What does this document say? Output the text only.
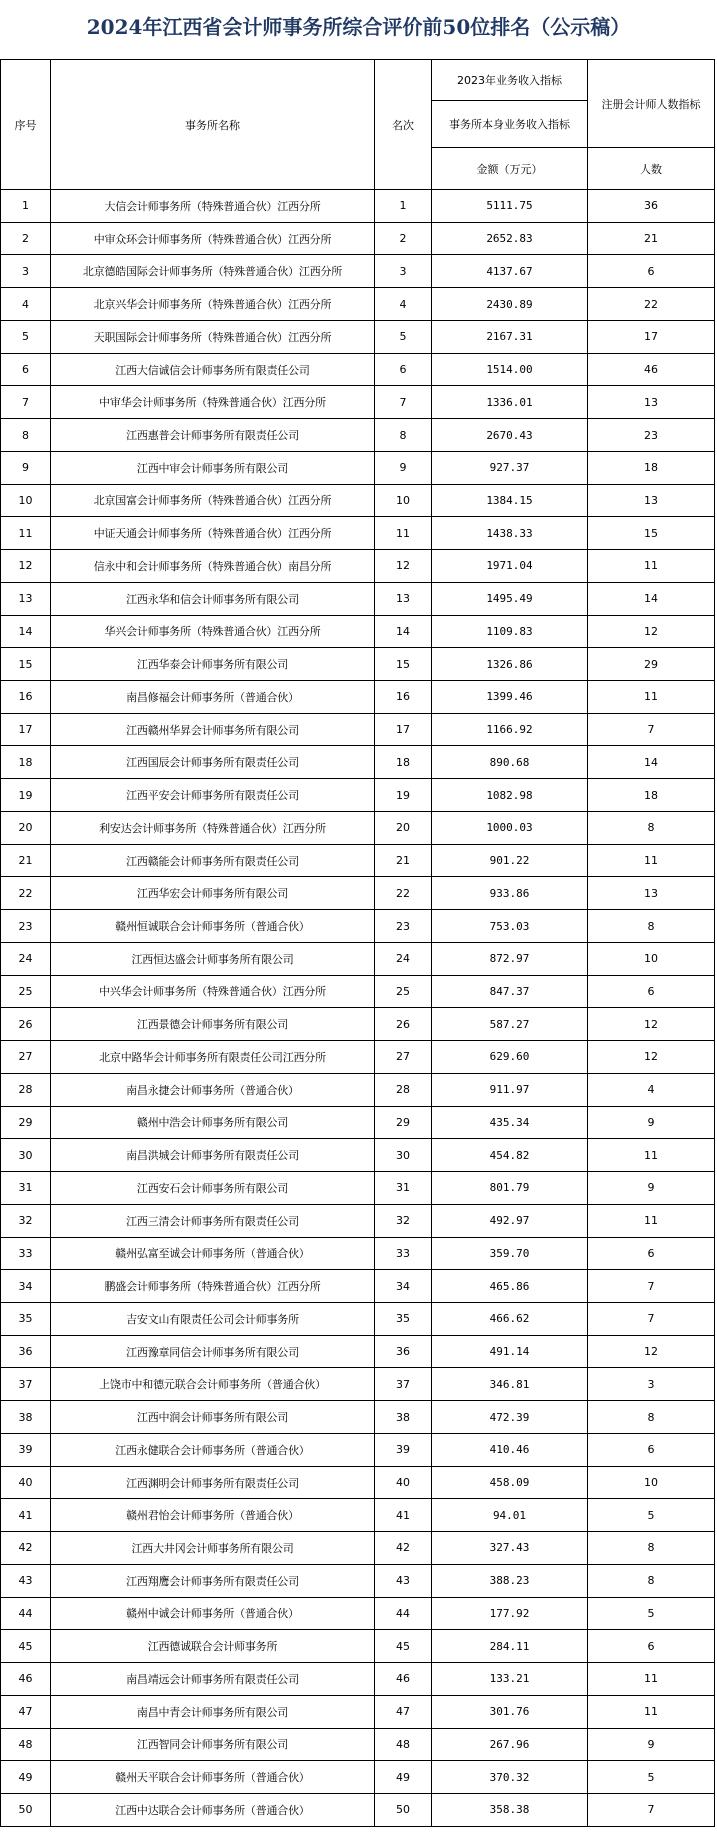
2024年江西省会计师事务所综合评价前50位排名（公示稿）
序号	事务所名称	名次	2023年业务收入指标	注册会计师人数指标
			事务所本身业务收入指标	
			金额（万元）	人数
1	大信会计师事务所（特殊普通合伙）江西分所	1	5111.75	36
2	中审众环会计师事务所（特殊普通合伙）江西分所	2	2652.83	21
3	北京德皓国际会计师事务所（特殊普通合伙）江西分所	3	4137.67	6
4	北京兴华会计师事务所（特殊普通合伙）江西分所	4	2430.89	22
5	天职国际会计师事务所（特殊普通合伙）江西分所	5	2167.31	17
6	江西大信诚信会计师事务所有限责任公司	6	1514.00	46
7	中审华会计师事务所（特殊普通合伙）江西分所	7	1336.01	13
8	江西惠普会计师事务所有限责任公司	8	2670.43	23
9	江西中审会计师事务所有限公司	9	927.37	18
10	北京国富会计师事务所（特殊普通合伙）江西分所	10	1384.15	13
11	中证天通会计师事务所（特殊普通合伙）江西分所	11	1438.33	15
12	信永中和会计师事务所（特殊普通合伙）南昌分所	12	1971.04	11
13	江西永华和信会计师事务所有限公司	13	1495.49	14
14	华兴会计师事务所（特殊普通合伙）江西分所	14	1109.83	12
15	江西华泰会计师事务所有限公司	15	1326.86	29
16	南昌修福会计师事务所（普通合伙）	16	1399.46	11
17	江西赣州华昇会计师事务所有限公司	17	1166.92	7
18	江西国辰会计师事务所有限责任公司	18	890.68	14
19	江西平安会计师事务所有限责任公司	19	1082.98	18
20	利安达会计师事务所（特殊普通合伙）江西分所	20	1000.03	8
21	江西赣能会计师事务所有限责任公司	21	901.22	11
22	江西华宏会计师事务所有限公司	22	933.86	13
23	赣州恒诚联合会计师事务所（普通合伙）	23	753.03	8
24	江西恒达盛会计师事务所有限公司	24	872.97	10
25	中兴华会计师事务所（特殊普通合伙）江西分所	25	847.37	6
26	江西景德会计师事务所有限公司	26	587.27	12
27	北京中路华会计师事务所有限责任公司江西分所	27	629.60	12
28	南昌永捷会计师事务所（普通合伙）	28	911.97	4
29	赣州中浩会计师事务所有限公司	29	435.34	9
30	南昌洪城会计师事务所有限责任公司	30	454.82	11
31	江西安石会计师事务所有限公司	31	801.79	9
32	江西三清会计师事务所有限责任公司	32	492.97	11
33	赣州弘富至诚会计师事务所（普通合伙）	33	359.70	6
34	鹏盛会计师事务所（特殊普通合伙）江西分所	34	465.86	7
35	吉安文山有限责任公司会计师事务所	35	466.62	7
36	江西豫章同信会计师事务所有限公司	36	491.14	12
37	上饶市中和德元联合会计师事务所（普通合伙）	37	346.81	3
38	江西中润会计师事务所有限公司	38	472.39	8
39	江西永健联合会计师事务所（普通合伙）	39	410.46	6
40	江西渊明会计师事务所有限责任公司	40	458.09	10
41	赣州君怡会计师事务所（普通合伙）	41	94.01	5
42	江西大井冈会计师事务所有限公司	42	327.43	8
43	江西翔鹰会计师事务所有限责任公司	43	388.23	8
44	赣州中诚会计师事务所（普通合伙）	44	177.92	5
45	江西德诚联合会计师事务所	45	284.11	6
46	南昌靖远会计师事务所有限责任公司	46	133.21	11
47	南昌中青会计师事务所有限公司	47	301.76	11
48	江西智同会计师事务所有限公司	48	267.96	9
49	赣州天平联合会计师事务所（普通合伙）	49	370.32	5
50	江西中达联合会计师事务所（普通合伙）	50	358.38	7
